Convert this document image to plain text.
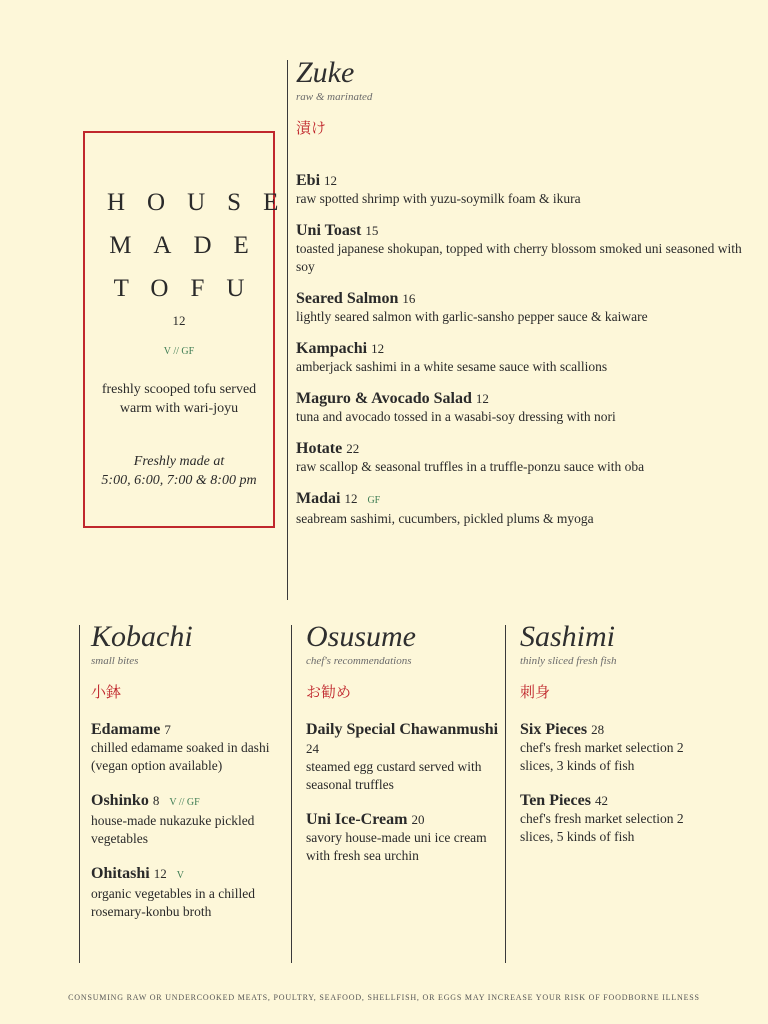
HOUSE
MADE
TOFU
12
V // GF
freshly scooped tofu served warm with wari-joyu
Freshly made at
5:00, 6:00, 7:00 & 8:00 pm
Zuke
raw & marinated
漬け
Ebi 12
raw spotted shrimp with yuzu-soymilk foam & ikura
Uni Toast 15
toasted japanese shokupan, topped with cherry blossom smoked uni seasoned with soy
Seared Salmon 16
lightly seared salmon with garlic-sansho pepper sauce & kaiware
Kampachi 12
amberjack sashimi in a white sesame sauce with scallions
Maguro & Avocado Salad 12
tuna and avocado tossed in a wasabi-soy dressing with nori
Hotate 22
raw scallop & seasonal truffles in a truffle-ponzu sauce with oba
Madai 12 GF
seabream sashimi, cucumbers, pickled plums & myoga
Kobachi
small bites
小鉢
Edamame 7
chilled edamame soaked in dashi (vegan option available)
Oshinko 8 V // GF
house-made nukazuke pickled vegetables
Ohitashi 12 V
organic vegetables in a chilled rosemary-konbu broth
Osusume
chef's recommendations
お勧め
Daily Special Chawanmushi 24
steamed egg custard served with seasonal truffles
Uni Ice-Cream 20
savory house-made uni ice cream with fresh sea urchin
Sashimi
thinly sliced fresh fish
刺身
Six Pieces 28
chef's fresh market selection 2 slices, 3 kinds of fish
Ten Pieces 42
chef's fresh market selection 2 slices, 5 kinds of fish
CONSUMING RAW OR UNDERCOOKED MEATS, POULTRY, SEAFOOD, SHELLFISH, OR EGGS MAY INCREASE YOUR RISK OF FOODBORNE ILLNESS
